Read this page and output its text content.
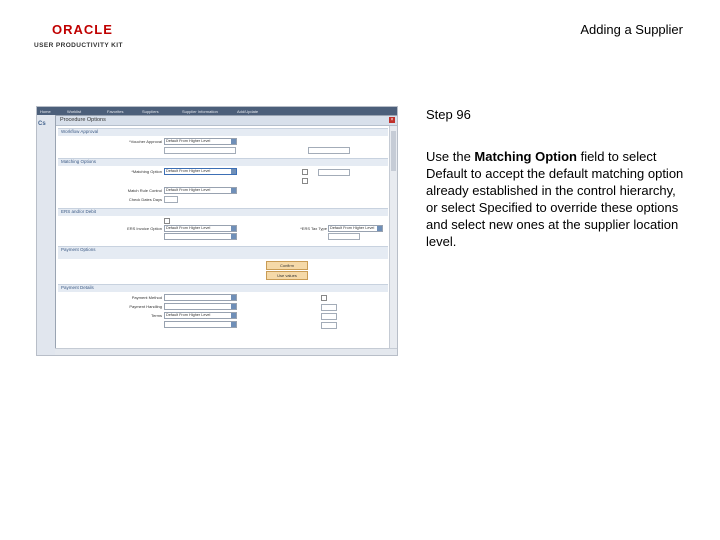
ORACLE
USER PRODUCTIVITY KIT
Adding a Supplier
Home	Worklist	Favorites	Suppliers	Supplier Information	Add/Update
Cs
Procedure Options	×
Workflow Approval
*Voucher Approval	Default From Higher Level
Matching Options
*Matching Option	Default From Higher Level
Match Rule Control	Default From Higher Level
Check Dates Days
ERS and/or Debit
ERS Invoice Option	Default From Higher Level	*ERS Tax Type Default From Higher Level
Payment Options
Confirm
Use values
Payment Details
Payment Method
Payment Handling
Terms	Default From Higher Level
Step 96
Use the Matching Option field to select Default to accept the default matching option already established in the control hierarchy, or select Specified to override these options and select new ones at the supplier location level.
